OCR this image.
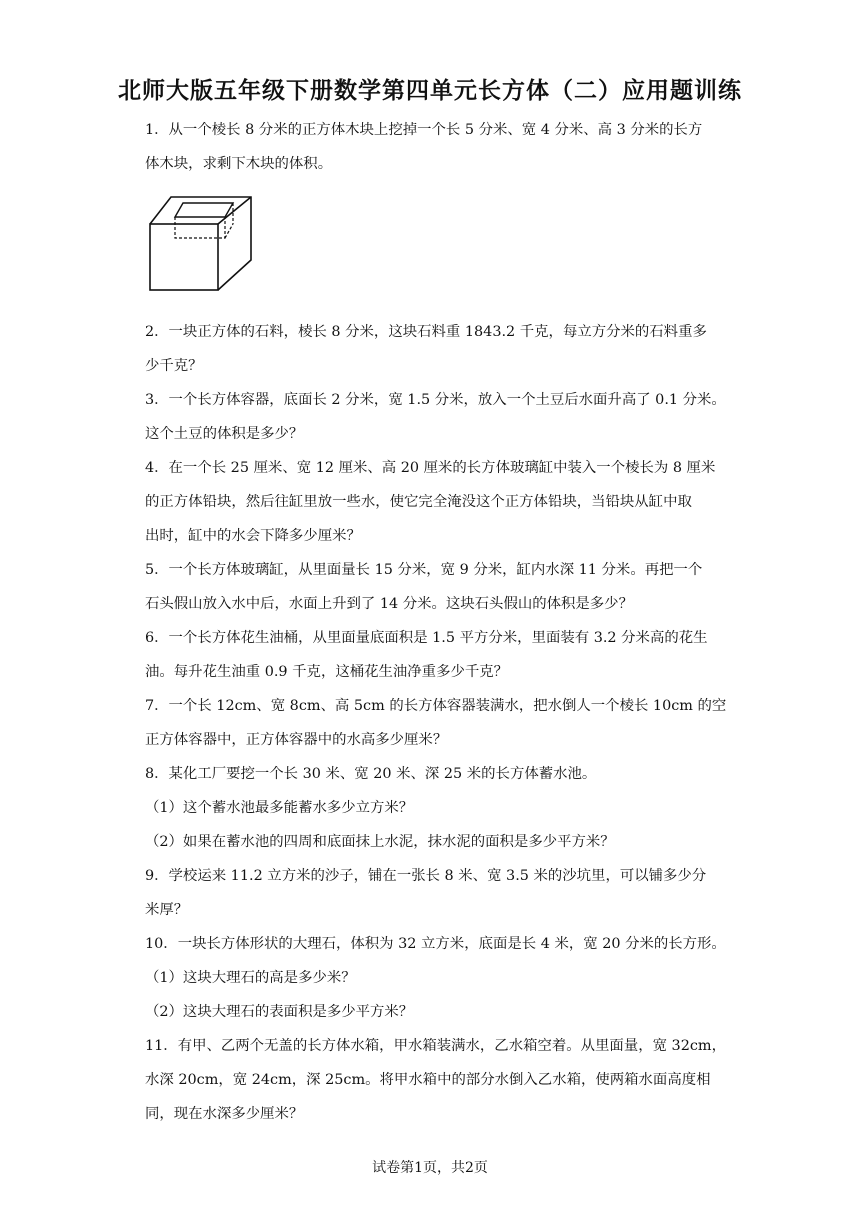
北师大版五年级下册数学第四单元长方体（二）应用题训练
1．从一个棱长 8 分米的正方体木块上挖掉一个长 5 分米、宽 4 分米、高 3 分米的长方
体木块，求剩下木块的体积。
2．一块正方体的石料，棱长 8 分米，这块石料重 1843.2 千克，每立方分米的石料重多
少千克？
3．一个长方体容器，底面长 2 分米，宽 1.5 分米，放入一个土豆后水面升高了 0.1 分米。
这个土豆的体积是多少？
4．在一个长 25 厘米、宽 12 厘米、高 20 厘米的长方体玻璃缸中装入一个棱长为 8 厘米
的正方体铅块，然后往缸里放一些水，使它完全淹没这个正方体铅块，当铅块从缸中取
出时，缸中的水会下降多少厘米？
5．一个长方体玻璃缸，从里面量长 15 分米，宽 9 分米，缸内水深 11 分米。再把一个
石头假山放入水中后，水面上升到了 14 分米。这块石头假山的体积是多少？
6．一个长方体花生油桶，从里面量底面积是 1.5 平方分米，里面装有 3.2 分米高的花生
油。每升花生油重 0.9 千克，这桶花生油净重多少千克？
7．一个长 12cm、宽 8cm、高 5cm 的长方体容器装满水，把水倒人一个棱长 10cm 的空
正方体容器中，正方体容器中的水高多少厘米？
8．某化工厂要挖一个长 30 米、宽 20 米、深 25 米的长方体蓄水池。
（1）这个蓄水池最多能蓄水多少立方米？
（2）如果在蓄水池的四周和底面抹上水泥，抹水泥的面积是多少平方米？
9．学校运来 11.2 立方米的沙子，铺在一张长 8 米、宽 3.5 米的沙坑里，可以铺多少分
米厚？
10．一块长方体形状的大理石，体积为 32 立方米，底面是长 4 米，宽 20 分米的长方形。
（1）这块大理石的高是多少米？
（2）这块大理石的表面积是多少平方米？
11．有甲、乙两个无盖的长方体水箱，甲水箱装满水，乙水箱空着。从里面量，宽 32cm，
水深 20cm，宽 24cm，深 25cm。将甲水箱中的部分水倒入乙水箱，使两箱水面高度相
同，现在水深多少厘米？
试卷第1页，共2页
